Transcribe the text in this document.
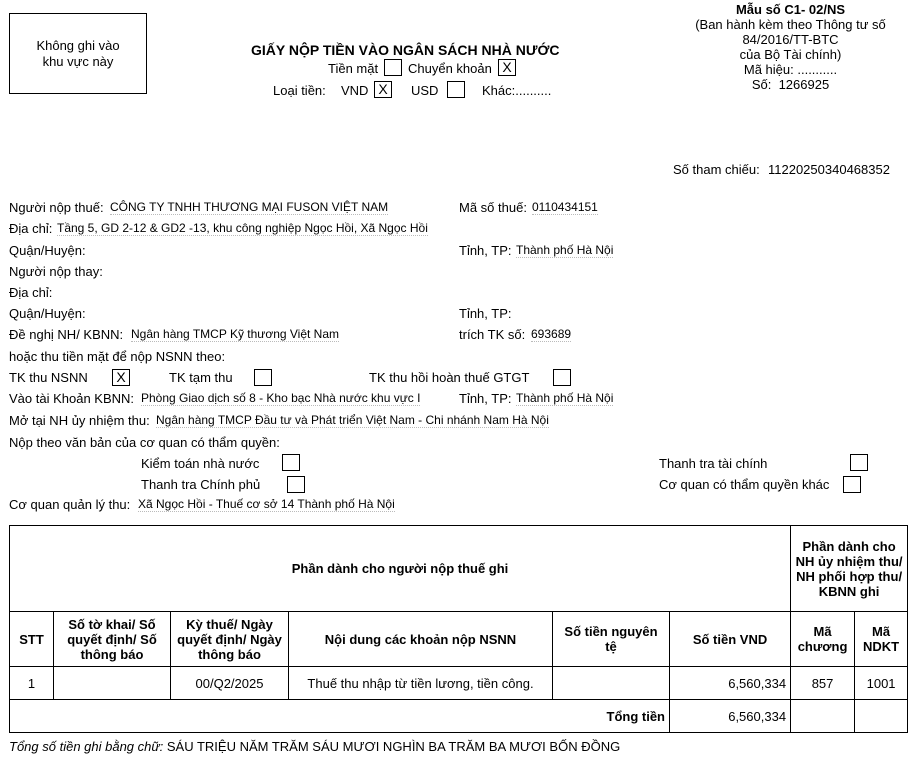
Không ghi vào
khu vực này
GIẤY NỘP TIỀN VÀO NGÂN SÁCH NHÀ NƯỚC
Mẫu số C1- 02/NS
(Ban hành kèm theo Thông tư số
84/2016/TT-BTC
của Bộ Tài chính)
Mã hiệu: ...........
Số: 1266925
Tiền mặt Chuyển khoản X
Loại tiền: VND X	USD	Khác:..........
Số tham chiếu: 11220250340468352
Người nộp thuế: CÔNG TY TNHH THƯƠNG MẠI FUSON VIỆT NAM	Mã số thuế: 0110434151
Địa chỉ: Tầng 5, GD 2-12 & GD2 -13, khu công nghiệp Ngọc Hồi, Xã Ngọc Hồi
Quận/Huyện:	Tỉnh, TP: Thành phố Hà Nội
Người nộp thay:
Địa chỉ:
Quận/Huyện:	Tỉnh, TP:
Đề nghị NH/ KBNN: Ngân hàng TMCP Kỹ thương Việt Nam	trích TK số: 693689
hoặc thu tiền mặt để nộp NSNN theo:
TK thu NSNN	X	TK tạm thu	TK thu hồi hoàn thuế GTGT
Vào tài Khoản KBNN: Phòng Giao dịch số 8 - Kho bạc Nhà nước khu vực I	Tỉnh, TP: Thành phố Hà Nội
Mở tại NH ủy nhiệm thu: Ngân hàng TMCP Đầu tư và Phát triển Việt Nam - Chi nhánh Nam Hà Nội
Nộp theo văn bản của cơ quan có thẩm quyền:
Kiểm toán nhà nước	Thanh tra tài chính
Thanh tra Chính phủ	Cơ quan có thẩm quyền khác
Cơ quan quản lý thu: Xã Ngọc Hồi - Thuế cơ sở 14 Thành phố Hà Nội
Phần dành cho người nộp thuế ghi						Phần dành cho NH ủy nhiệm thu/ NH phối hợp thu/ KBNN ghi	
STT	Số tờ khai/ Số quyết định/ Số thông báo	Kỳ thuế/ Ngày quyết định/ Ngày thông báo	Nội dung các khoản nộp NSNN	Số tiền nguyên tệ	Số tiền VND	Mã chương	Mã NDKT
1		00/Q2/2025	Thuế thu nhập từ tiền lương, tiền công.		6,560,334	857	1001
Tổng tiền					6,560,334		
Tổng số tiền ghi bằng chữ: SÁU TRIỆU NĂM TRĂM SÁU MƯƠI NGHÌN BA TRĂM BA MƯƠI BỐN ĐỒNG
